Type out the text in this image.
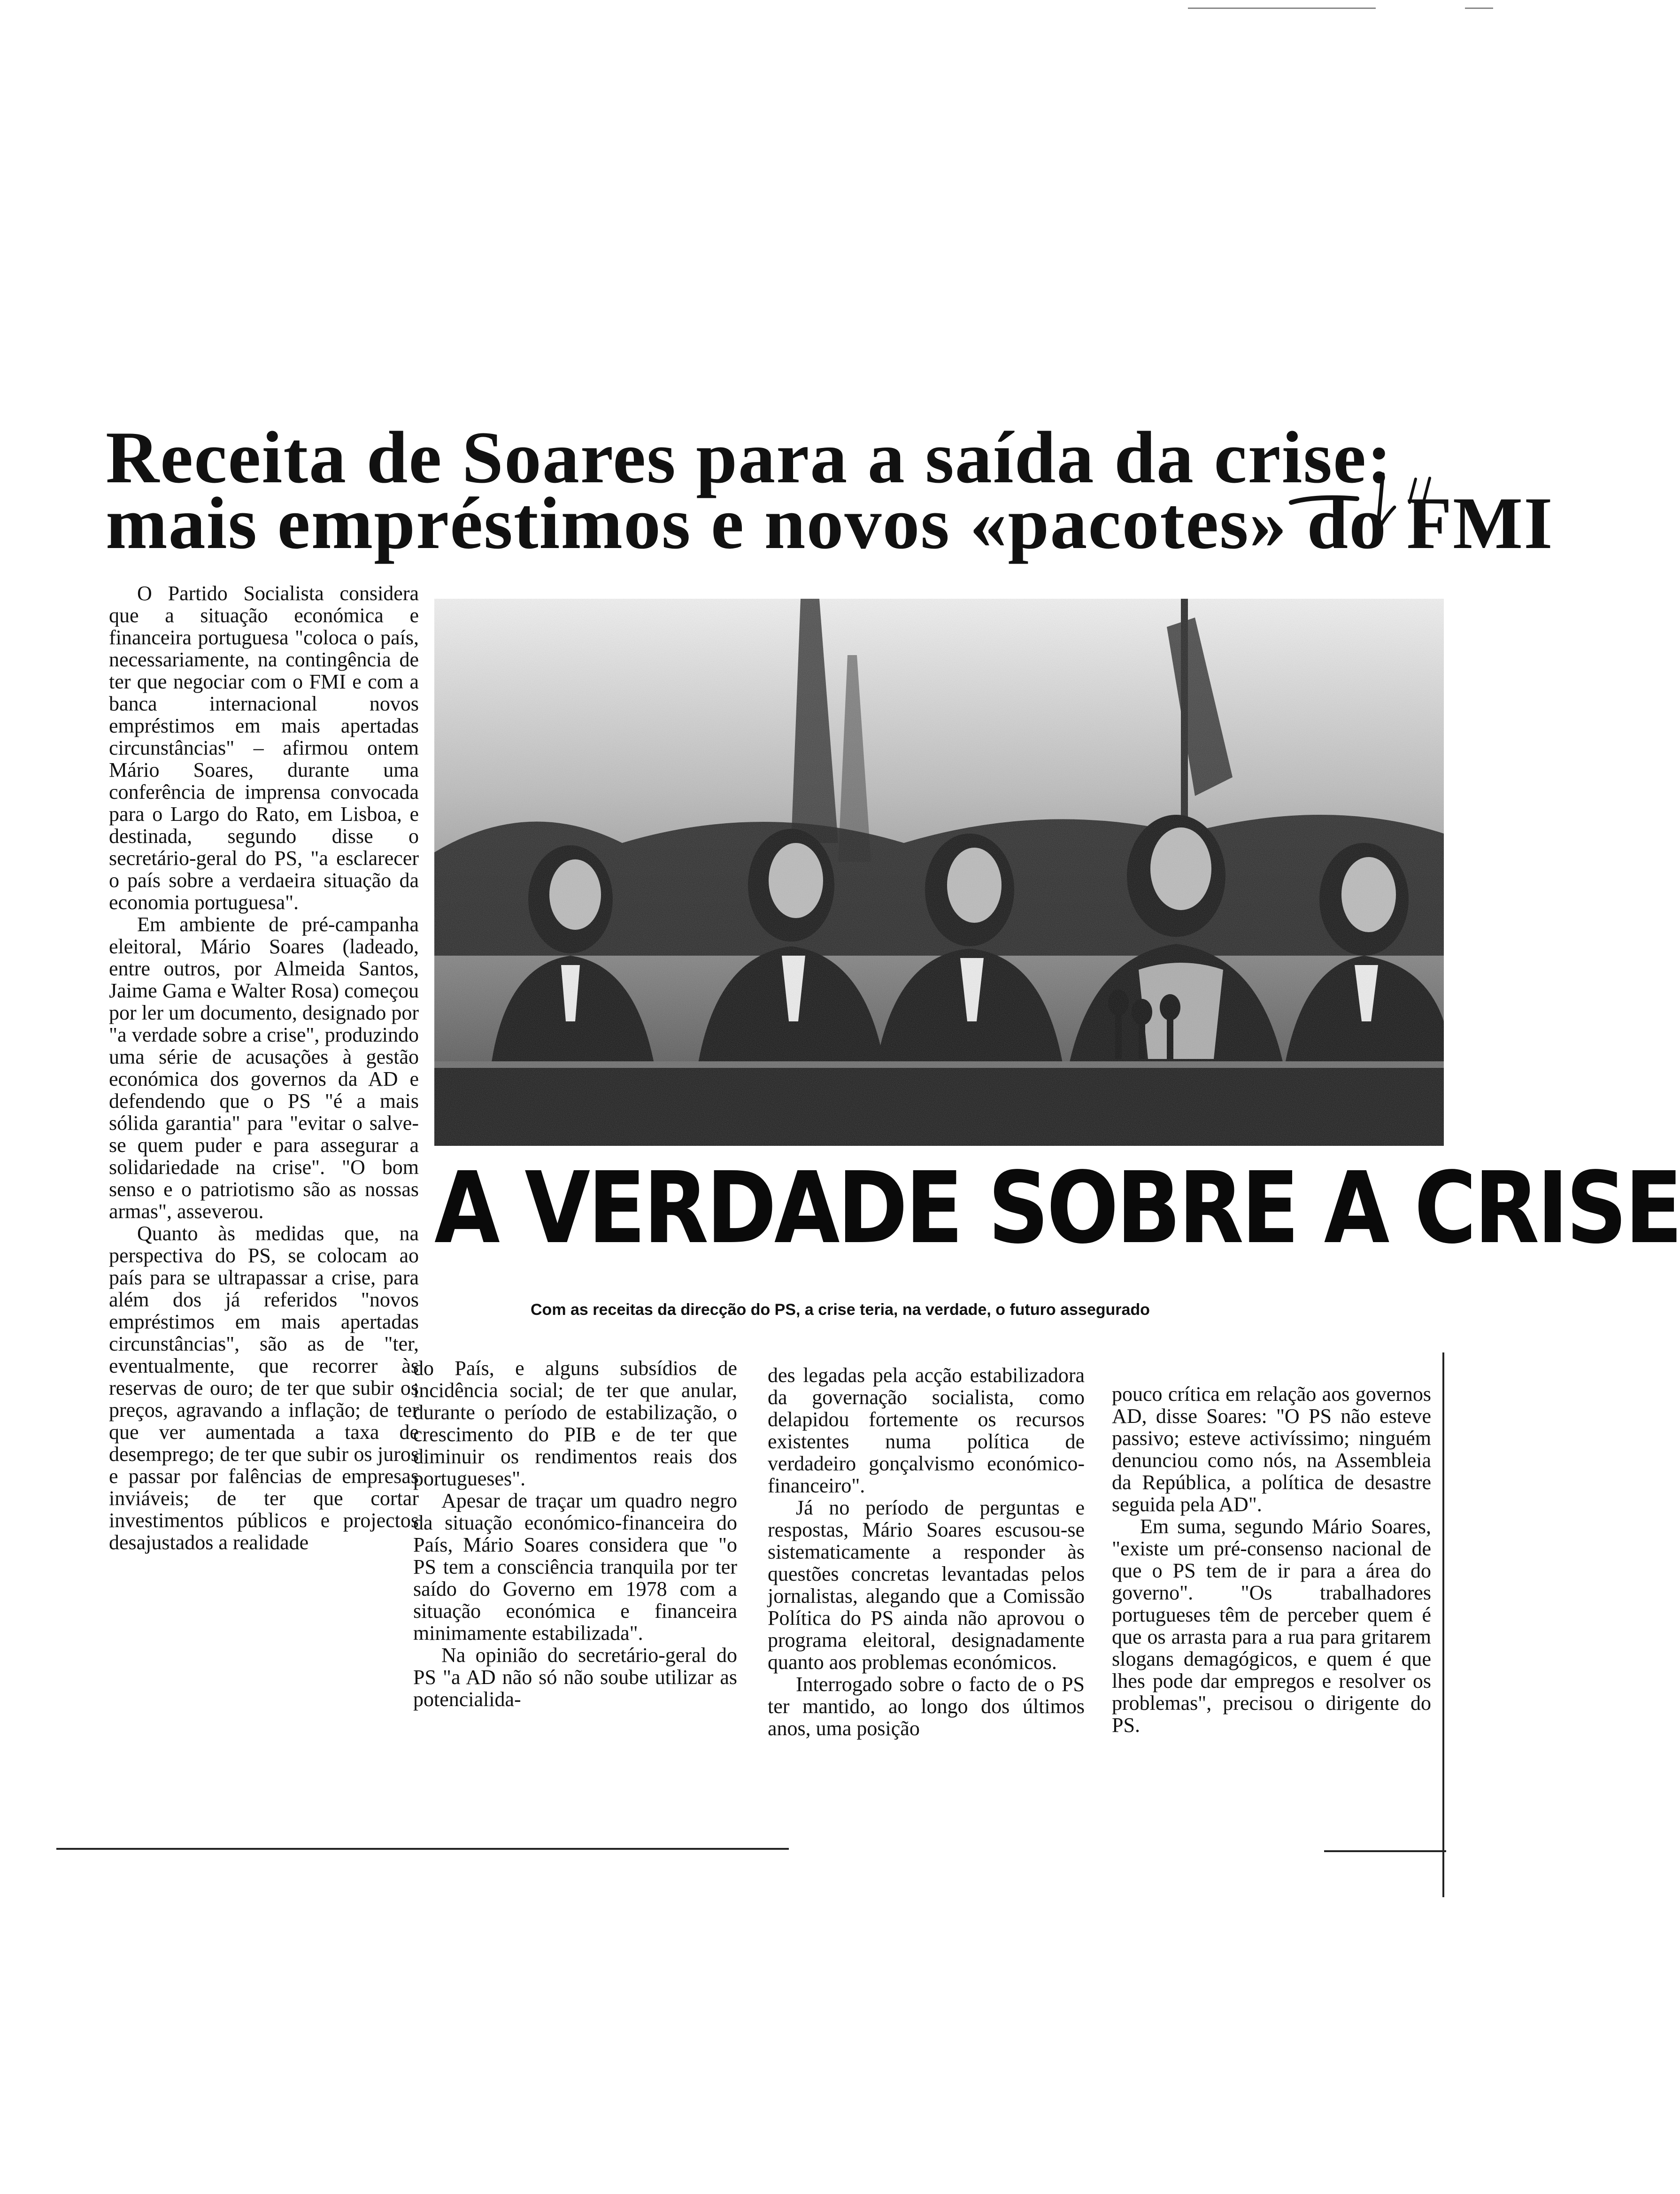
Receita de Soares para a saída da crise:
mais empréstimos e novos «pacotes» do FMI

O Partido Socialista considera que a situação económica e financeira portuguesa "coloca o país, necessariamente, na contingência de ter que negociar com o FMI e com a banca internacional novos empréstimos em mais apertadas circunstâncias" – afirmou ontem Mário Soares, durante uma conferência de imprensa convocada para o Largo do Rato, em Lisboa, e destinada, segundo disse o secretário-geral do PS, "a esclarecer o país sobre a verdaeira situação da economia portuguesa".

Em ambiente de pré-campanha eleitoral, Mário Soares (ladeado, entre outros, por Almeida Santos, Jaime Gama e Walter Rosa) começou por ler um documento, designado por "a verdade sobre a crise", produzindo uma série de acusações à gestão económica dos governos da AD e defendendo que o PS "é a mais sólida garantia" para "evitar o salve-se quem puder e para assegurar a solidariedade na crise". "O bom senso e o patriotismo são as nossas armas", asseverou.

Quanto às medidas que, na perspectiva do PS, se colocam ao país para se ultrapassar a crise, para além dos já referidos "novos empréstimos em mais apertadas circunstâncias", são as de "ter, eventualmente, que recorrer às reservas de ouro; de ter que subir os preços, agravando a inflação; de ter que ver aumentada a taxa de desemprego; de ter que subir os juros e passar por falências de empresas inviáveis; de ter que cortar investimentos públicos e projectos desajustados a realidade

A VERDADE SOBRE A CRISE
Com as receitas da direcção do PS, a crise teria, na verdade, o futuro assegurado

do País, e alguns subsídios de incidência social; de ter que anular, durante o período de estabilização, o crescimento do PIB e de ter que diminuir os rendimentos reais dos portugueses".

Apesar de traçar um quadro negro da situação económico-financeira do País, Mário Soares considera que "o PS tem a consciência tranquila por ter saído do Governo em 1978 com a situação económica e financeira minimamente estabilizada".

Na opinião do secretário-geral do PS "a AD não só não soube utilizar as potencialida-

des legadas pela acção estabilizadora da governação socialista, como delapidou fortemente os recursos existentes numa política de verdadeiro gonçalvismo económico-financeiro".

Já no período de perguntas e respostas, Mário Soares escusou-se sistematicamente a responder às questões concretas levantadas pelos jornalistas, alegando que a Comissão Política do PS ainda não aprovou o programa eleitoral, designadamente quanto aos problemas económicos.

Interrogado sobre o facto de o PS ter mantido, ao longo dos últimos anos, uma posição

pouco crítica em relação aos governos AD, disse Soares: "O PS não esteve passivo; esteve activíssimo; ninguém denunciou como nós, na Assembleia da República, a política de desastre seguida pela AD".

Em suma, segundo Mário Soares, "existe um pré-consenso nacional de que o PS tem de ir para a área do governo". "Os trabalhadores portugueses têm de perceber quem é que os arrasta para a rua para gritarem slogans demagógicos, e quem é que lhes pode dar empregos e resolver os problemas", precisou o dirigente do PS.
